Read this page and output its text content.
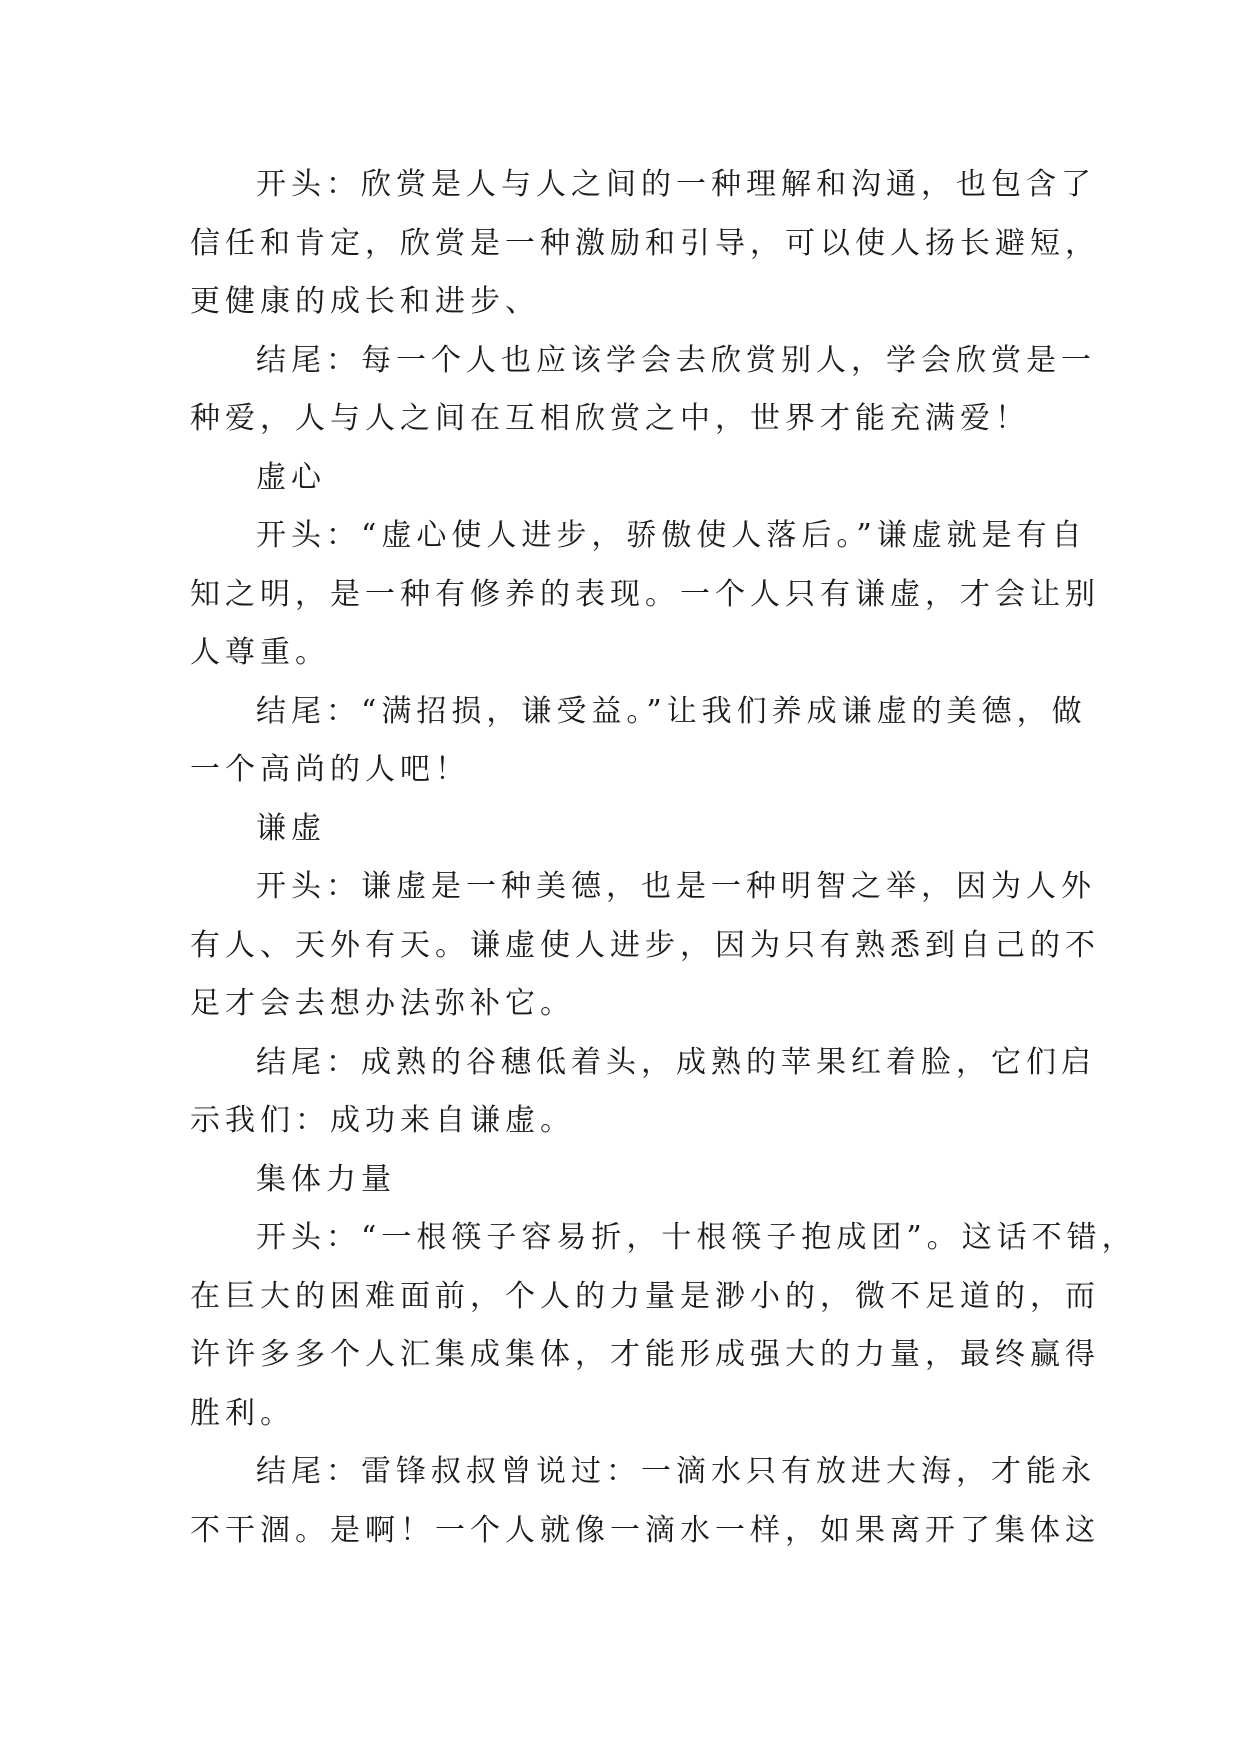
开头：欣赏是人与人之间的一种理解和沟通，也包含了
信任和肯定，欣赏是一种激励和引导，可以使人扬长避短，
更健康的成长和进步、
结尾：每一个人也应该学会去欣赏别人，学会欣赏是一
种爱，人与人之间在互相欣赏之中，世界才能充满爱！
虚心
开头：“虚心使人进步，骄傲使人落后。”谦虚就是有自
知之明，是一种有修养的表现。一个人只有谦虚，才会让别
人尊重。
结尾：“满招损，谦受益。”让我们养成谦虚的美德，做
一个高尚的人吧！
谦虚
开头：谦虚是一种美德，也是一种明智之举，因为人外
有人、天外有天。谦虚使人进步，因为只有熟悉到自己的不
足才会去想办法弥补它。
结尾：成熟的谷穗低着头，成熟的苹果红着脸，它们启
示我们：成功来自谦虚。
集体力量
开头：“一根筷子容易折，十根筷子抱成团”。这话不错，
在巨大的困难面前，个人的力量是渺小的，微不足道的，而
许许多多个人汇集成集体，才能形成强大的力量，最终赢得
胜利。
结尾：雷锋叔叔曾说过：一滴水只有放进大海，才能永
不干涸。是啊！一个人就像一滴水一样，如果离开了集体这
